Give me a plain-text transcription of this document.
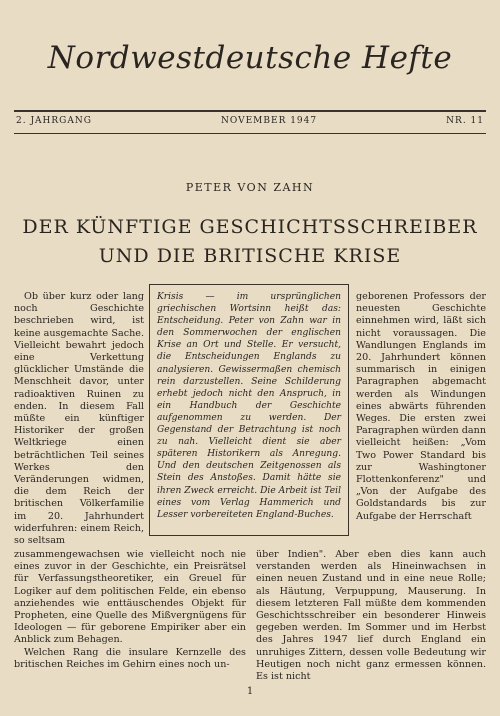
Nordwestdeutsche Hefte
2. JAHRGANG	NOVEMBER 1947	NR. 11
PETER VON ZAHN
DER KÜNFTIGE GESCHICHTSSCHREIBER
UND DIE BRITISCHE KRISE

Ob über kurz oder lang noch Geschichte beschrieben wird, ist keine ausgemachte Sache. Vielleicht bewahrt jedoch eine Verkettung glücklicher Umstände die Menschheit davor, unter radioaktiven Ruinen zu enden. In diesem Fall müßte ein künftiger Historiker der großen Weltkriege einen beträchtlichen Teil seines Werkes den Veränderungen widmen, die dem Reich der britischen Völkerfamilie im 20. Jahrhundert widerfuhren: einem Reich, so seltsam

Krisis — im ursprünglichen griechischen Wortsinn heißt das: Entscheidung. Peter von Zahn war in den Sommerwochen der englischen Krise an Ort und Stelle. Er versucht, die Entscheidungen Englands zu analysieren. Gewissermaßen chemisch rein darzustellen. Seine Schilderung erhebt jedoch nicht den Anspruch, in ein Handbuch der Geschichte aufgenommen zu werden. Der Gegenstand der Betrachtung ist noch zu nah. Vielleicht dient sie aber späteren Historikern als Anregung. Und den deutschen Zeitgenossen als Stein des Anstoßes. Damit hätte sie ihren Zweck erreicht. Die Arbeit ist Teil eines vom Verlag Hammerich und Lesser vorbereiteten England-Buches.

geborenen Professors der neuesten Geschichte einnehmen wird, läßt sich nicht voraussagen. Die Wandlungen Englands im 20. Jahrhundert können summarisch in einigen Paragraphen abgemacht werden als Windungen eines abwärts führenden Weges. Die ersten zwei Paragraphen würden dann vielleicht heißen: „Vom Two Power Standard bis zur Washingtoner Flottenkonferenz" und „Von der Aufgabe des Goldstandards bis zur Aufgabe der Herrschaft

zusammengewachsen wie vielleicht noch nie eines zuvor in der Geschichte, ein Preisrätsel für Verfassungstheoretiker, ein Greuel für Logiker auf dem politischen Felde, ein ebenso anziehendes wie enttäuschendes Objekt für Propheten, eine Quelle des Mißvergnügens für Ideologen — für geborene Empiriker aber ein Anblick zum Behagen.

Welchen Rang die insulare Kernzelle des britischen Reiches im Gehirn eines noch un-

über Indien". Aber eben dies kann auch verstanden werden als Hineinwachsen in einen neuen Zustand und in eine neue Rolle; als Häutung, Verpuppung, Mauserung. In diesem letzteren Fall müßte dem kommenden Geschichtsschreiber ein besonderer Hinweis gegeben werden. Im Sommer und im Herbst des Jahres 1947 lief durch England ein unruhiges Zittern, dessen volle Bedeutung wir Heutigen noch nicht ganz ermessen können. Es ist nicht

1
